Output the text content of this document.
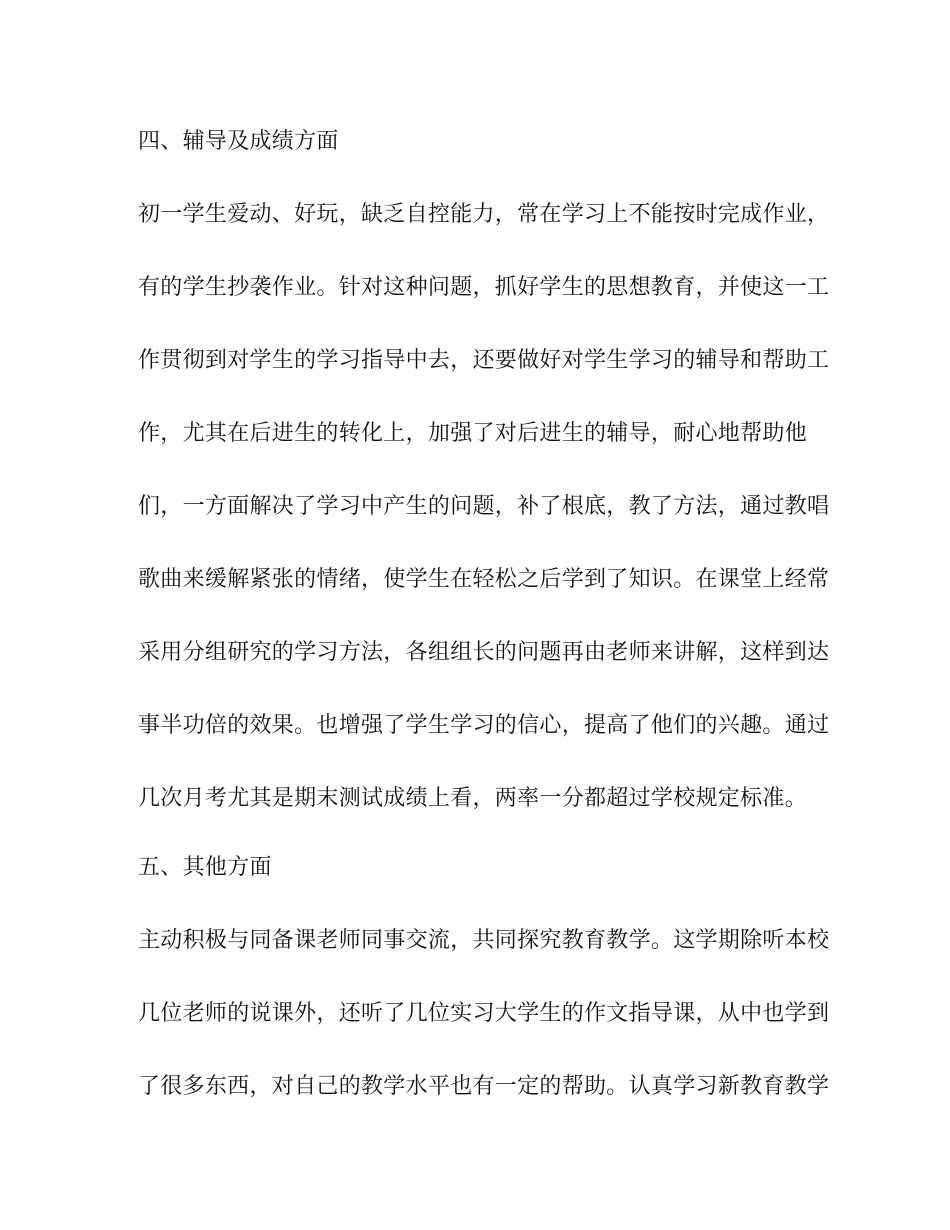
四、辅导及成绩方面

初一学生爱动、好玩，缺乏自控能力，常在学习上不能按时完成作业，

有的学生抄袭作业。针对这种问题，抓好学生的思想教育，并使这一工

作贯彻到对学生的学习指导中去，还要做好对学生学习的辅导和帮助工

作，尤其在后进生的转化上，加强了对后进生的辅导，耐心地帮助他

们，一方面解决了学习中产生的问题，补了根底，教了方法，通过教唱

歌曲来缓解紧张的情绪，使学生在轻松之后学到了知识。在课堂上经常

采用分组研究的学习方法，各组组长的问题再由老师来讲解，这样到达

事半功倍的效果。也增强了学生学习的信心，提高了他们的兴趣。通过

几次月考尤其是期末测试成绩上看，两率一分都超过学校规定标准。

五、其他方面

主动积极与同备课老师同事交流，共同探究教育教学。这学期除听本校

几位老师的说课外，还听了几位实习大学生的作文指导课，从中也学到

了很多东西，对自己的教学水平也有一定的帮助。认真学习新教育教学
